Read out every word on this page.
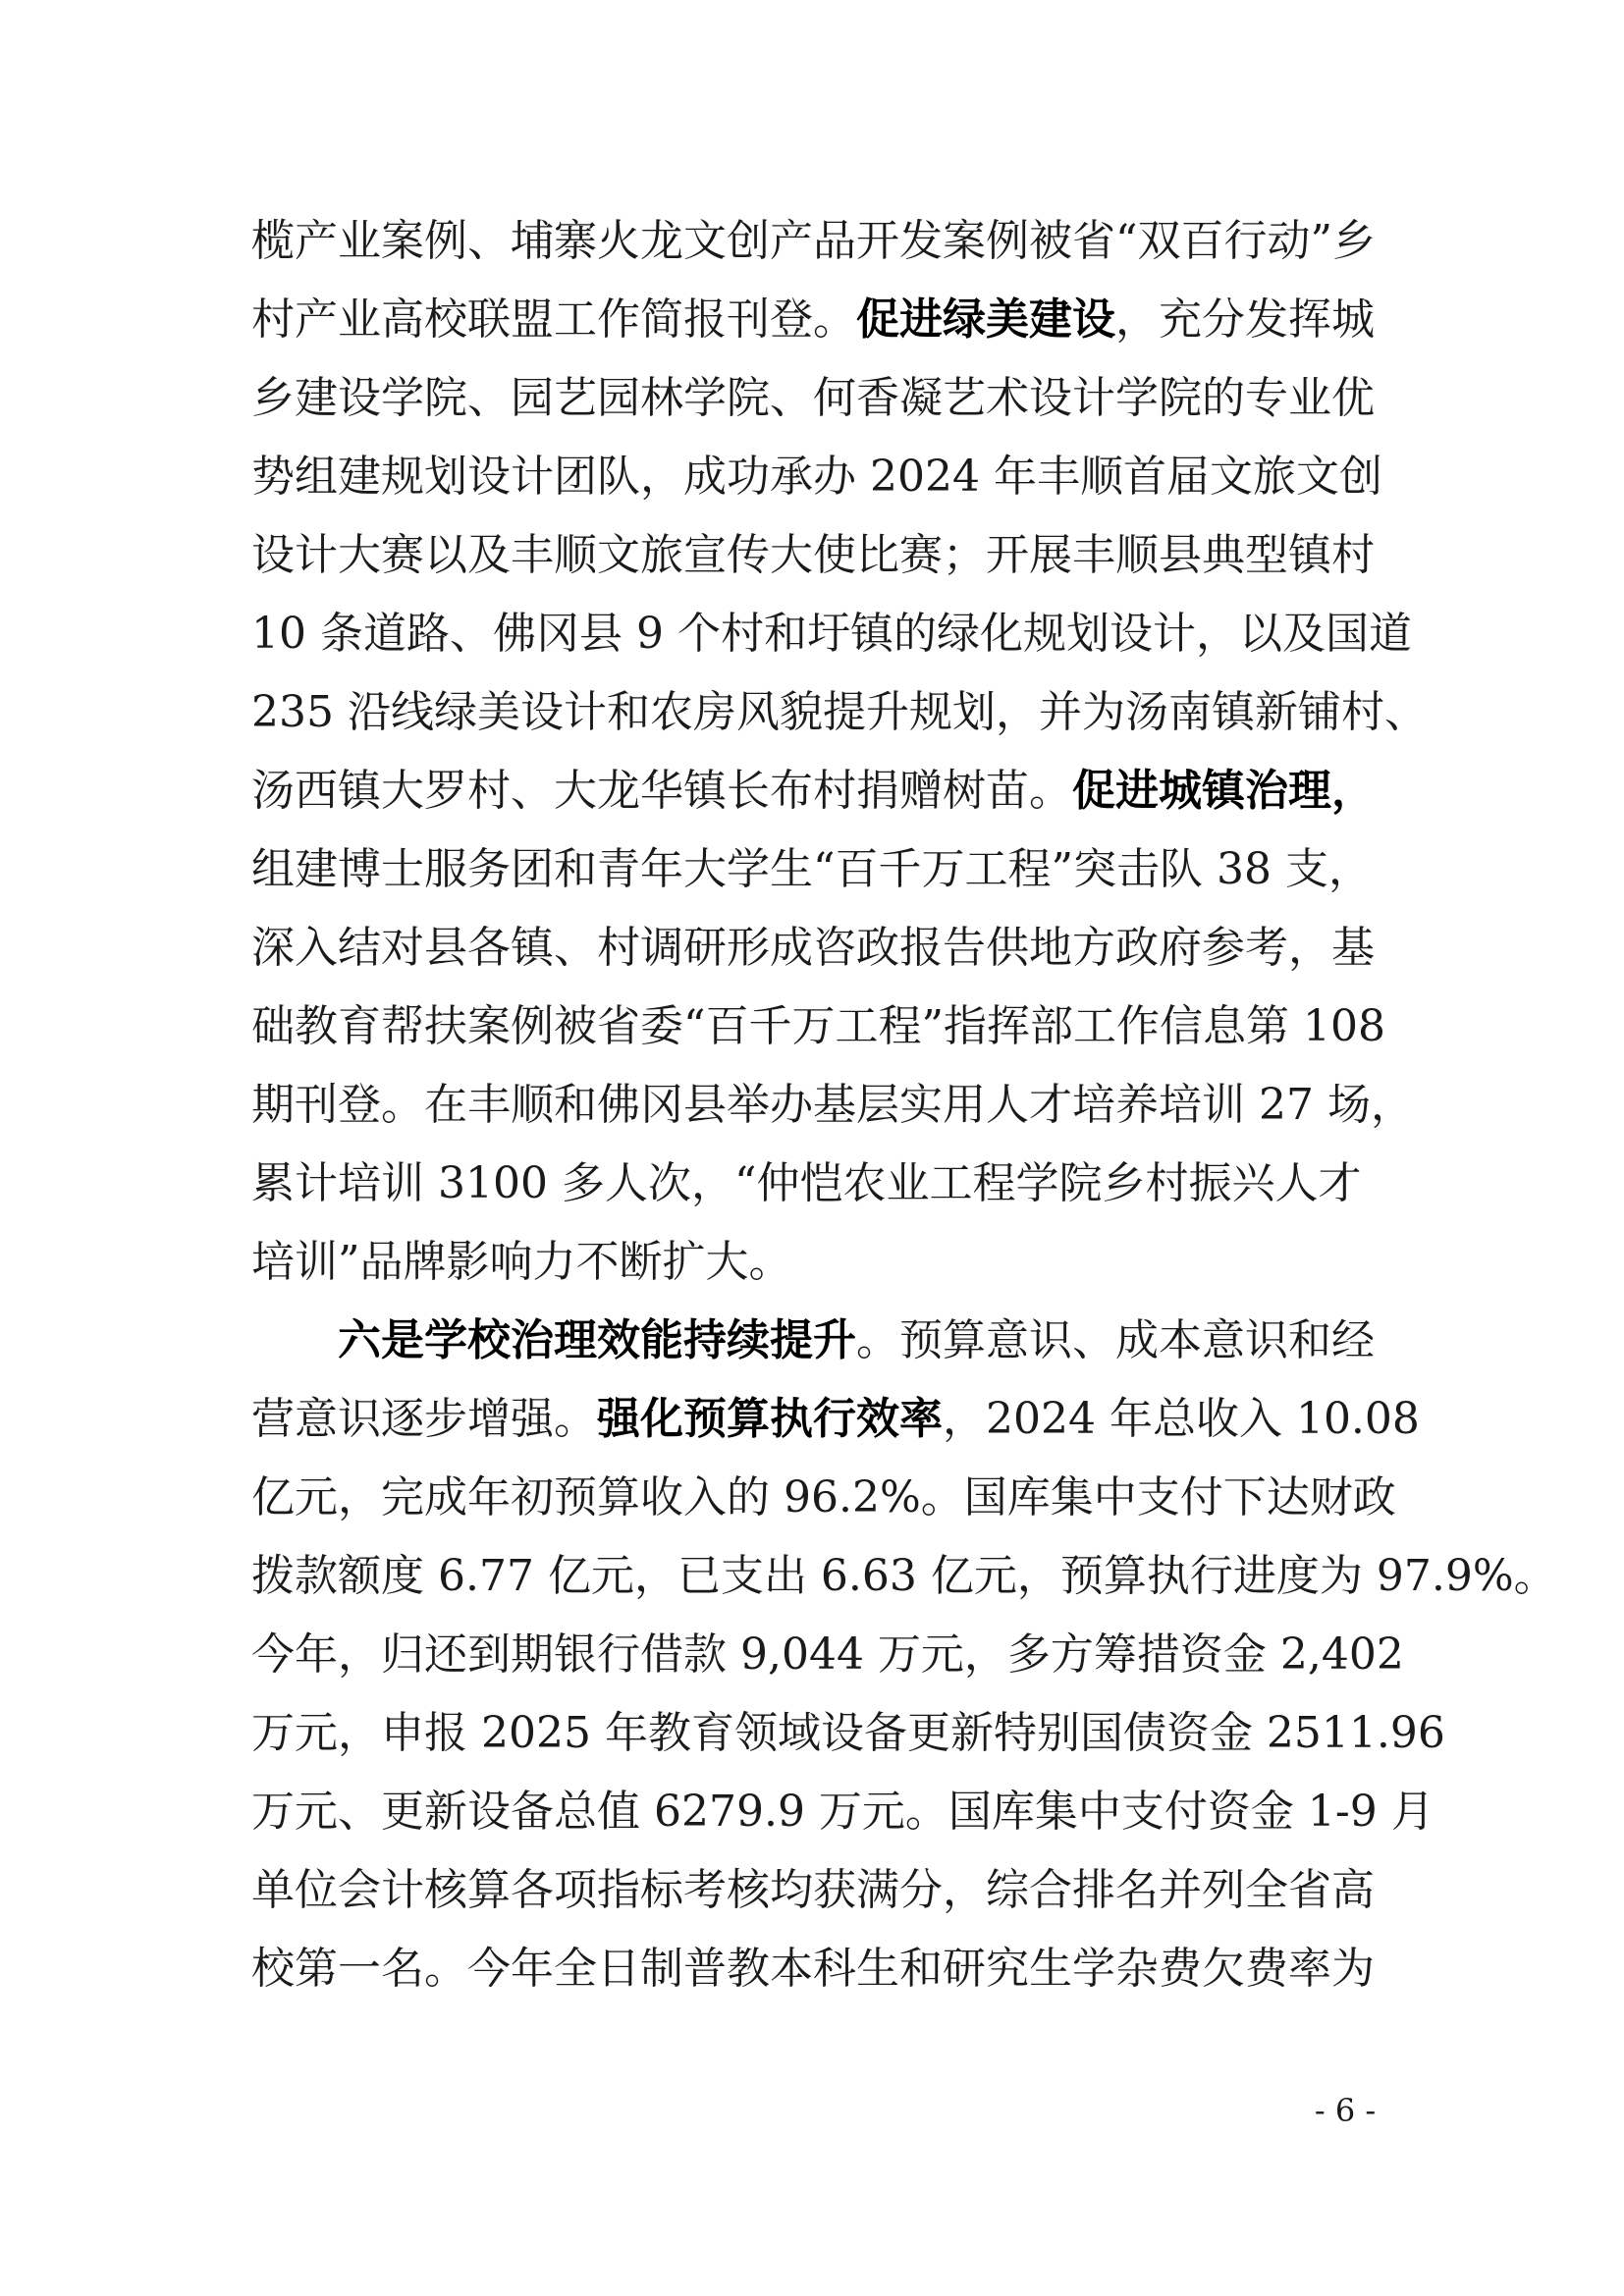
榄产业案例、埔寨火龙文创产品开发案例被省“双百行动”乡
村产业高校联盟工作简报刊登。促进绿美建设，充分发挥城
乡建设学院、园艺园林学院、何香凝艺术设计学院的专业优
势组建规划设计团队，成功承办 2024 年丰顺首届文旅文创
设计大赛以及丰顺文旅宣传大使比赛；开展丰顺县典型镇村
10 条道路、佛冈县 9 个村和圩镇的绿化规划设计，以及国道
235 沿线绿美设计和农房风貌提升规划，并为汤南镇新铺村、
汤西镇大罗村、大龙华镇长布村捐赠树苗。促进城镇治理，
组建博士服务团和青年大学生“百千万工程”突击队 38 支，
深入结对县各镇、村调研形成咨政报告供地方政府参考，基
础教育帮扶案例被省委“百千万工程”指挥部工作信息第 108
期刊登。在丰顺和佛冈县举办基层实用人才培养培训 27 场，
累计培训 3100 多人次，“仲恺农业工程学院乡村振兴人才
培训”品牌影响力不断扩大。
六是学校治理效能持续提升。预算意识、成本意识和经
营意识逐步增强。强化预算执行效率，2024 年总收入 10.08
亿元，完成年初预算收入的 96.2%。国库集中支付下达财政
拨款额度 6.77 亿元，已支出 6.63 亿元，预算执行进度为 97.9%。
今年，归还到期银行借款 9,044 万元，多方筹措资金 2,402
万元，申报 2025 年教育领域设备更新特别国债资金 2511.96
万元、更新设备总值 6279.9 万元。国库集中支付资金 1-9 月
单位会计核算各项指标考核均获满分，综合排名并列全省高
校第一名。今年全日制普教本科生和研究生学杂费欠费率为
- 6 -
